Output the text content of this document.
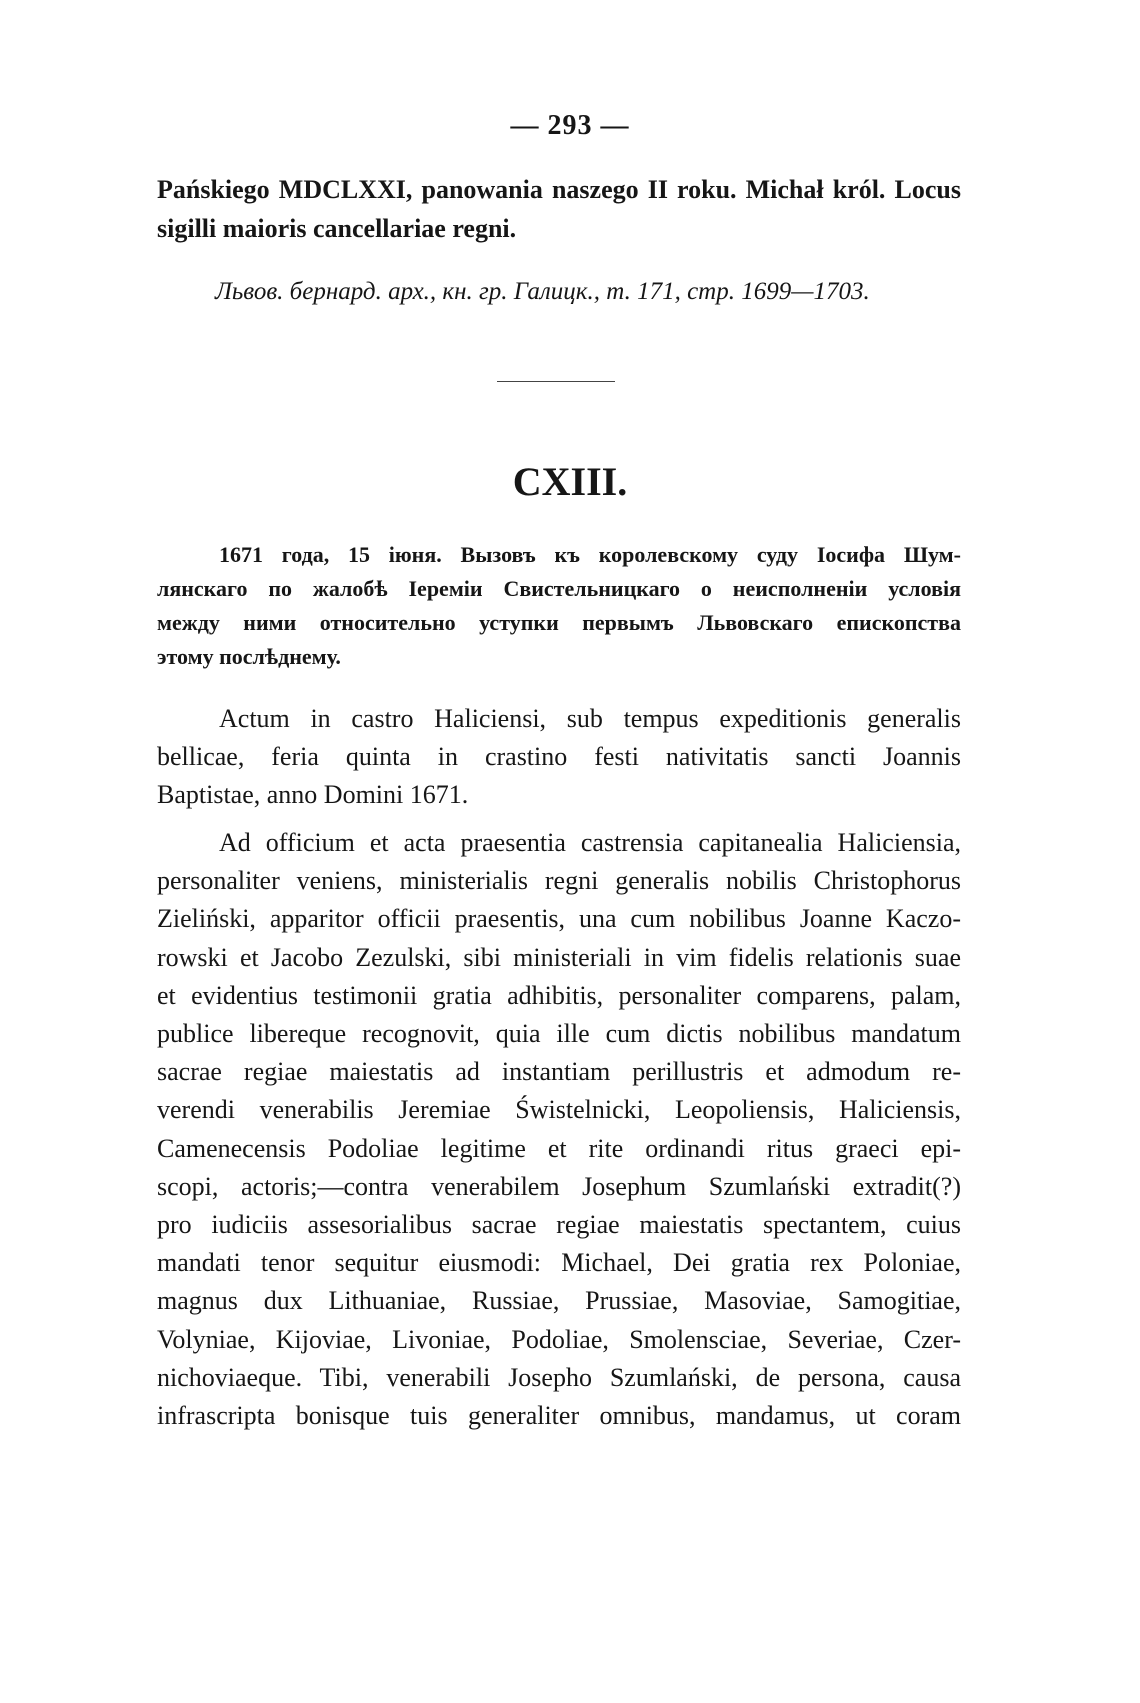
— 293 —
Pańskiego MDCLXXI, panowania naszego II roku. Michał król. Locus
sigilli maioris cancellariae regni.
Львов. бернард. арх., кн. гр. Галицк., т. 171, стр. 1699—1703.
CXIII.
1671 года, 15 іюня. Вызовъ къ королевскому суду Іосифа Шум-
лянскаго по жалобѣ Іеремiи Свистельницкаго о неисполненiи условія
между ними относительно уступки первымъ Львовскаго епископства
этому послѣднему.
Actum in castro Haliciensi, sub tempus expeditionis generalis
bellicae, feria quinta in crastino festi nativitatis sancti Joannis
Baptistae, anno Domini 1671.
Ad officium et acta praesentia castrensia capitanealia Haliciensia,
personaliter veniens, ministerialis regni generalis nobilis Christophorus
Zieliński, apparitor officii praesentis, una cum nobilibus Joanne Kaczo-
rowski et Jacobo Zezulski, sibi ministeriali in vim fidelis relationis suae
et evidentius testimonii gratia adhibitis, personaliter comparens, palam,
publice libereque recognovit, quia ille cum dictis nobilibus mandatum
sacrae regiae maiestatis ad instantiam perillustris et admodum re-
verendi venerabilis Jeremiae Świstelnicki, Leopoliensis, Haliciensis,
Camenecensis Podoliae legitime et rite ordinandi ritus graeci epi-
scopi, actoris;—contra venerabilem Josephum Szumlański extradit(?)
pro iudiciis assesorialibus sacrae regiae maiestatis spectantem, cuius
mandati tenor sequitur eiusmodi: Michael, Dei gratia rex Poloniae,
magnus dux Lithuaniae, Russiae, Prussiae, Masoviae, Samogitiae,
Volyniae, Kijoviae, Livoniae, Podoliae, Smolensciae, Severiae, Czer-
nichoviaeque. Tibi, venerabili Josepho Szumlański, de persona, causa
infrascripta bonisque tuis generaliter omnibus, mandamus, ut coram
